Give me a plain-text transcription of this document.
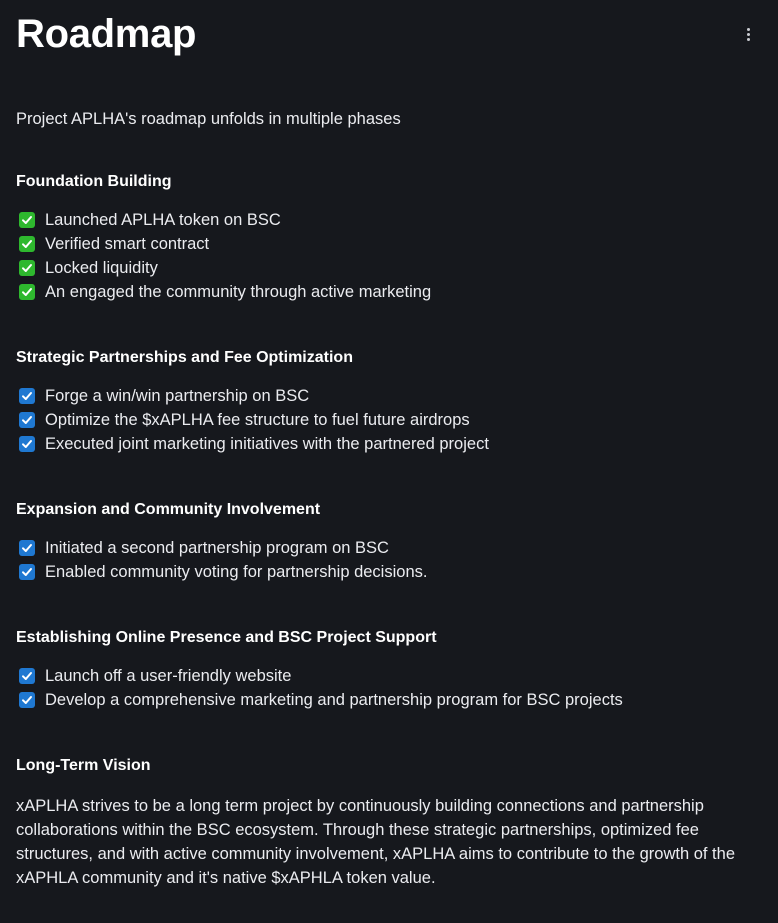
Roadmap

Project APLHA's roadmap unfolds in multiple phases

Foundation Building
Launched APLHA token on BSC
Verified smart contract
Locked liquidity
An engaged the community through active marketing
Strategic Partnerships and Fee Optimization
Forge a win/win partnership on BSC
Optimize the $xAPLHA fee structure to fuel future airdrops
Executed joint marketing initiatives with the partnered project
Expansion and Community Involvement
Initiated a second partnership program on BSC
Enabled community voting for partnership decisions.
Establishing Online Presence and BSC Project Support
Launch off a user-friendly website
Develop a comprehensive marketing and partnership program for BSC projects
Long-Term Vision

xAPLHA strives to be a long term project by continuously building connections and partnership collaborations within the BSC ecosystem. Through these strategic partnerships, optimized fee structures, and with active community involvement, xAPLHA aims to contribute to the growth of the xAPHLA community and it's native $xAPHLA token value.
